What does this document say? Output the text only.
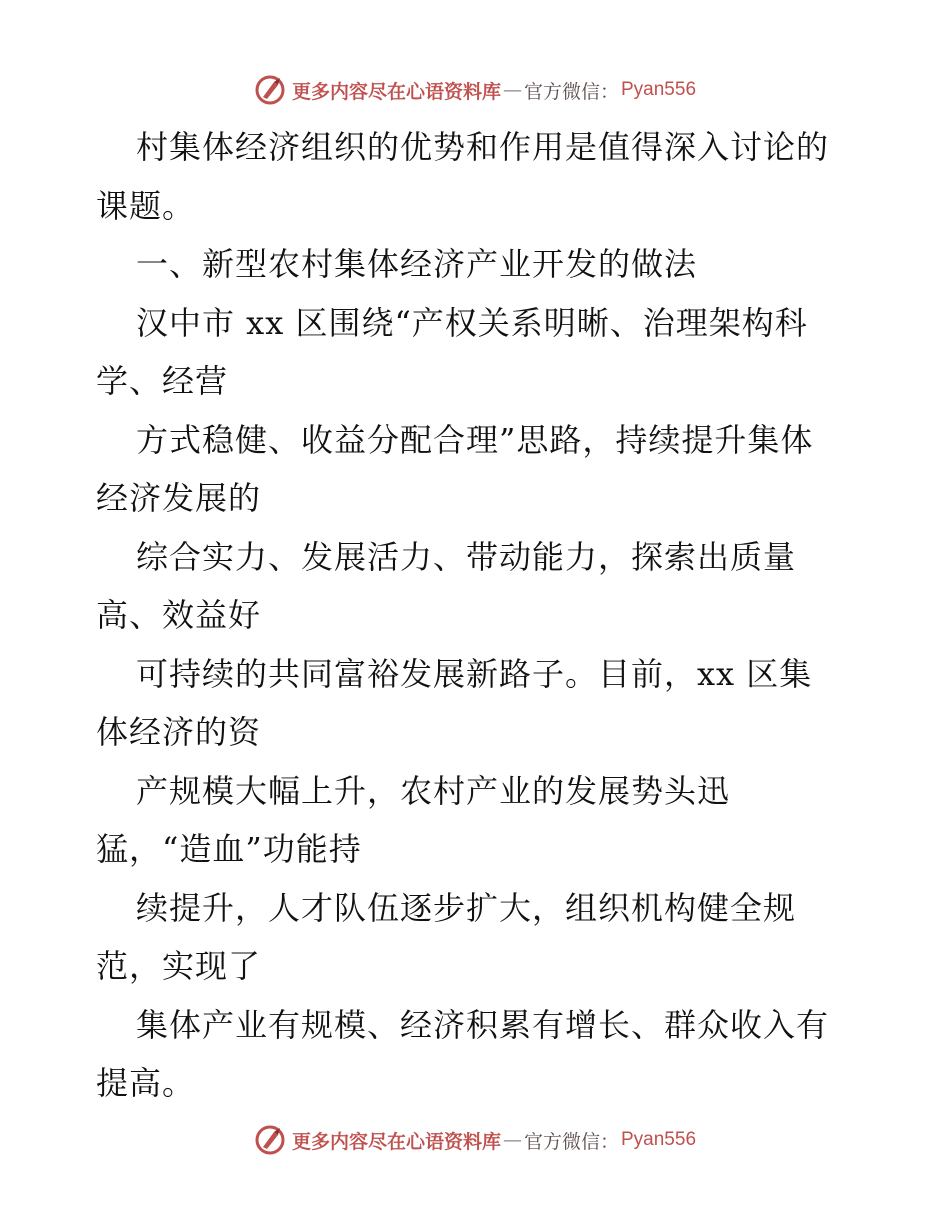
更多内容尽在心语资料库 — 官方微信： Pyan556

村集体经济组织的优势和作用是值得深入讨论的

课题。

一、新型农村集体经济产业开发的做法

汉中市 xx 区围绕“产权关系明晰、治理架构科

学、经营

方式稳健、收益分配合理”思路，持续提升集体

经济发展的

综合实力、发展活力、带动能力，探索出质量

高、效益好

可持续的共同富裕发展新路子。目前，xx 区集

体经济的资

产规模大幅上升，农村产业的发展势头迅

猛，“造血”功能持

续提升，人才队伍逐步扩大，组织机构健全规

范，实现了

集体产业有规模、经济积累有增长、群众收入有

提高。

更多内容尽在心语资料库 — 官方微信： Pyan556
